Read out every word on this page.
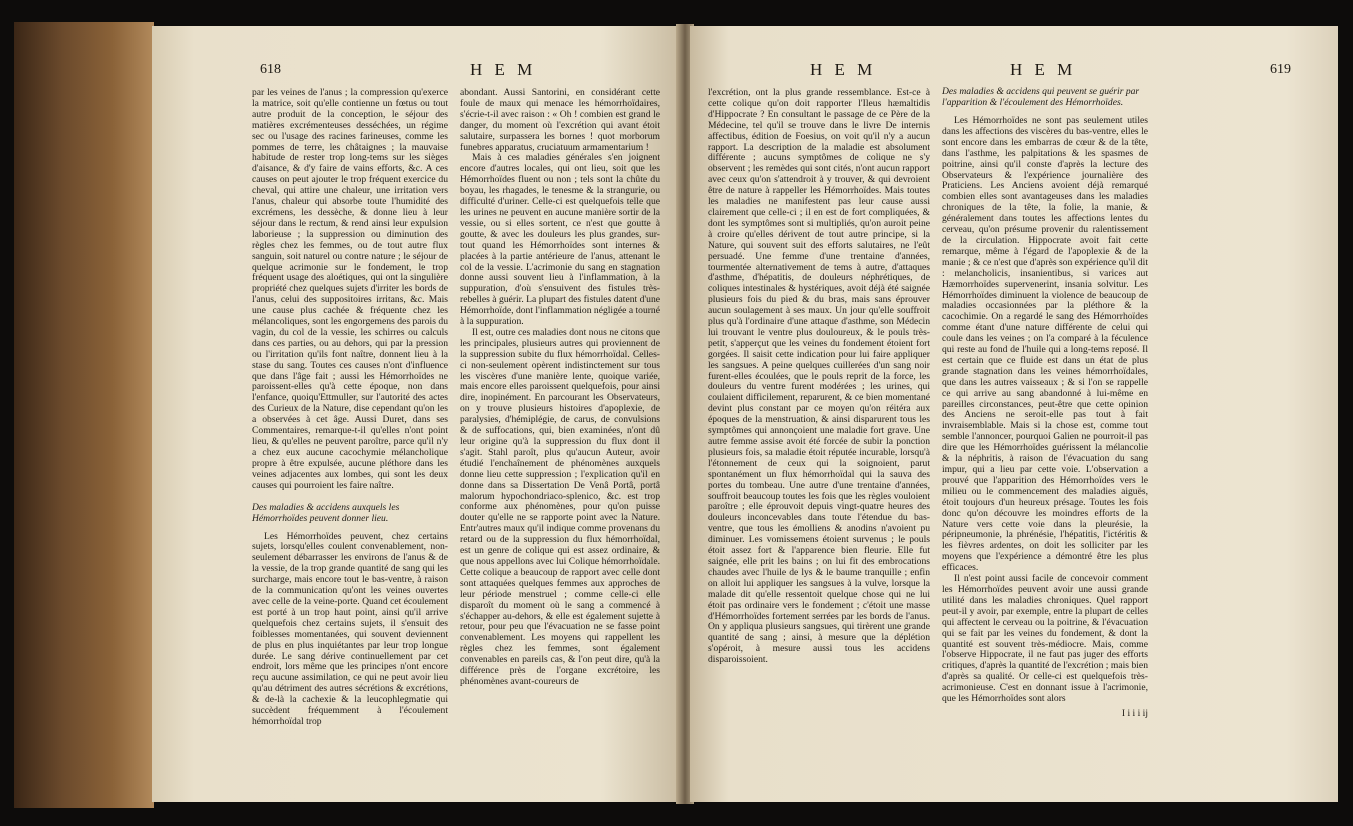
618	H E M

par les veines de l'anus ; la compression qu'exerce la matrice, soit qu'elle contienne un fœtus ou tout autre produit de la conception, le séjour des matières excrémenteuses desséchées, un régime sec ou l'usage des racines farineuses, comme les pommes de terre, les châtaignes ; la mauvaise habitude de rester trop long-tems sur les sièges d'aisance, & d'y faire de vains efforts, &c. A ces causes on peut ajouter le trop fréquent exercice du cheval, qui attire une chaleur, une irritation vers l'anus, chaleur qui absorbe toute l'humidité des excrémens, les dessèche, & donne lieu à leur séjour dans le rectum, & rend ainsi leur expulsion laborieuse ; la suppression ou diminution des règles chez les femmes, ou de tout autre flux sanguin, soit naturel ou contre nature ; le séjour de quelque acrimonie sur le fondement, le trop fréquent usage des aloétiques, qui ont la singulière propriété chez quelques sujets d'irriter les bords de l'anus, celui des suppositoires irritans, &c. Mais une cause plus cachée & fréquente chez les mélancoliques, sont les engorgemens des parois du vagin, du col de la vessie, les schirres ou calculs dans ces parties, ou au dehors, qui par la pression ou l'irritation qu'ils font naître, donnent lieu à la stase du sang. Toutes ces causes n'ont d'influence que dans l'âge fait ; aussi les Hémorrhoïdes ne paroissent-elles qu'à cette époque, non dans l'enfance, quoiqu'Ettmuller, sur l'autorité des actes des Curieux de la Nature, dise cependant qu'on les a observées à cet âge. Aussi Duret, dans ses Commentaires, remarque-t-il qu'elles n'ont point lieu, & qu'elles ne peuvent paroître, parce qu'il n'y a chez eux aucune cacochymie mélancholique propre à être expulsée, aucune pléthore dans les veines adjacentes aux lombes, qui sont les deux causes qui pourroient les faire naître.

Des maladies & accidens auxquels les Hémorrhoïdes peuvent donner lieu.

Les Hémorrhoïdes peuvent, chez certains sujets, lorsqu'elles coulent convenablement, non-seulement débarrasser les environs de l'anus & de la vessie, de la trop grande quantité de sang qui les surcharge, mais encore tout le bas-ventre, à raison de la communication qu'ont les veines ouvertes avec celle de la veine-porte. Quand cet écoulement est porté à un trop haut point, ainsi qu'il arrive quelquefois chez certains sujets, il s'ensuit des foiblesses momentanées, qui souvent deviennent de plus en plus inquiétantes par leur trop longue durée. Le sang dérive continuellement par cet endroit, lors même que les principes n'ont encore reçu aucune assimilation, ce qui ne peut avoir lieu qu'au détriment des autres sécrétions & excrétions, & de-là la cachexie & la leucophlegmatie qui succèdent fréquemment à l'écoulement hémorrhoïdal trop

abondant. Aussi Santorini, en considérant cette foule de maux qui menace les hémorrhoïdaires, s'écrie-t-il avec raison : « Oh ! combien est grand le danger, du moment où l'excrétion qui avant étoit salutaire, surpassera les bornes ! quot morborum funebres apparatus, cruciatuum armamentarium !

Mais à ces maladies générales s'en joignent encore d'autres locales, qui ont lieu, soit que les Hémorrhoïdes fluent ou non ; tels sont la chûte du boyau, les rhagades, le tenesme & la strangurie, ou difficulté d'uriner. Celle-ci est quelquefois telle que les urines ne peuvent en aucune manière sortir de la vessie, ou si elles sortent, ce n'est que goutte à goutte, & avec les douleurs les plus grandes, sur-tout quand les Hémorrhoïdes sont internes & placées à la partie antérieure de l'anus, attenant le col de la vessie. L'acrimonie du sang en stagnation donne aussi souvent lieu à l'inflammation, à la suppuration, d'où s'ensuivent des fistules très-rebelles à guérir. La plupart des fistules datent d'une Hémorrhoïde, dont l'inflammation négligée a tourné à la suppuration.

Il est, outre ces maladies dont nous ne citons que les principales, plusieurs autres qui proviennent de la suppression subite du flux hémorrhoïdal. Celles-ci non-seulement opèrent indistinctement sur tous les viscères d'une manière lente, quoique variée, mais encore elles paroissent quelquefois, pour ainsi dire, inopinément. En parcourant les Observateurs, on y trouve plusieurs histoires d'apoplexie, de paralysies, d'hémiplégie, de carus, de convulsions & de suffocations, qui, bien examinées, n'ont dû leur origine qu'à la suppression du flux dont il s'agit. Stahl paroît, plus qu'aucun Auteur, avoir étudié l'enchaînement de phénomènes auxquels donne lieu cette suppression ; l'explication qu'il en donne dans sa Dissertation De Venâ Portâ, portâ malorum hypochondriaco-splenico, &c. est trop conforme aux phénomènes, pour qu'on puisse douter qu'elle ne se rapporte point avec la Nature. Entr'autres maux qu'il indique comme provenans du retard ou de la suppression du flux hémorrhoïdal, est un genre de colique qui est assez ordinaire, & que nous appellons avec lui Colique hémorrhoïdale. Cette colique a beaucoup de rapport avec celle dont sont attaquées quelques femmes aux approches de leur période menstruel ; comme celle-ci elle disparoît du moment où le sang a commencé à s'échapper au-dehors, & elle est également sujette à retour, pour peu que l'évacuation ne se fasse point convenablement. Les moyens qui rappellent les règles chez les femmes, sont également convenables en pareils cas, & l'on peut dire, qu'à la différence près de l'organe excrétoire, les phénomènes avant-coureurs de

H E M	H E M	619

l'excrétion, ont la plus grande ressemblance. Est-ce à cette colique qu'on doit rapporter l'Ileus hæmaltidis d'Hippocrate ? En consultant le passage de ce Père de la Médecine, tel qu'il se trouve dans le livre De internis affectibus, édition de Foesius, on voit qu'il n'y a aucun rapport. La description de la maladie est absolument différente ; aucuns symptômes de colique ne s'y observent ; les remèdes qui sont cités, n'ont aucun rapport avec ceux qu'on s'attendroit à y trouver, & qui devroient être de nature à rappeller les Hémorrhoïdes. Mais toutes les maladies ne manifestent pas leur cause aussi clairement que celle-ci ; il en est de fort compliquées, & dont les symptômes sont si multipliés, qu'on auroit peine à croire qu'elles dérivent de tout autre principe, si la Nature, qui souvent suit des efforts salutaires, ne l'eût persuadé. Une femme d'une trentaine d'années, tourmentée alternativement de tems à autre, d'attaques d'asthme, d'hépatitis, de douleurs néphrétiques, de coliques intestinales & hystériques, avoit déjà été saignée plusieurs fois du pied & du bras, mais sans éprouver aucun soulagement à ses maux. Un jour qu'elle souffroit plus qu'à l'ordinaire d'une attaque d'asthme, son Médecin lui trouvant le ventre plus douloureux, & le pouls très-petit, s'apperçut que les veines du fondement étoient fort gorgées. Il saisit cette indication pour lui faire appliquer les sangsues. A peine quelques cuillerées d'un sang noir furent-elles écoulées, que le pouls reprit de la force, les douleurs du ventre furent modérées ; les urines, qui coulaient difficilement, reparurent, & ce bien momentané devint plus constant par ce moyen qu'on réitéra aux époques de la menstruation, & ainsi disparurent tous les symptômes qui annonçoient une maladie fort grave. Une autre femme assise avoit été forcée de subir la ponction plusieurs fois, sa maladie étoit réputée incurable, lorsqu'à l'étonnement de ceux qui la soignoient, parut spontanément un flux hémorrhoïdal qui la sauva des portes du tombeau. Une autre d'une trentaine d'années, souffroit beaucoup toutes les fois que les règles vouloient paroître ; elle éprouvoit depuis vingt-quatre heures des douleurs inconcevables dans toute l'étendue du bas-ventre, que tous les émolliens & anodins n'avoient pu diminuer. Les vomissemens étoient survenus ; le pouls étoit assez fort & l'apparence bien fleurie. Elle fut saignée, elle prit les bains ; on lui fit des embrocations chaudes avec l'huile de lys & le baume tranquille ; enfin on alloit lui appliquer les sangsues à la vulve, lorsque la malade dit qu'elle ressentoit quelque chose qui ne lui étoit pas ordinaire vers le fondement ; c'étoit une masse d'Hémorrhoïdes fortement serrées par les bords de l'anus. On y appliqua plusieurs sangsues, qui tirèrent une grande quantité de sang ; ainsi, à mesure que la déplétion s'opéroit, à mesure aussi tous les accidens disparoissoient.

Des maladies & accidens qui peuvent se guérir par l'apparition & l'écoulement des Hémorrhoïdes.

Les Hémorrhoïdes ne sont pas seulement utiles dans les affections des viscères du bas-ventre, elles le sont encore dans les embarras de cœur & de la tête, dans l'asthme, les palpitations & les spasmes de poitrine, ainsi qu'il conste d'après la lecture des Observateurs & l'expérience journalière des Praticiens. Les Anciens avoient déjà remarqué combien elles sont avantageuses dans les maladies chroniques de la tête, la folie, la manie, & généralement dans toutes les affections lentes du cerveau, qu'on présume provenir du ralentissement de la circulation. Hippocrate avoit fait cette remarque, même à l'égard de l'apoplexie & de la manie ; & ce n'est que d'après son expérience qu'il dit : melancholicis, insanientibus, si varices aut Hæmorrhoïdes supervenerint, insania solvitur. Les Hémorrhoïdes diminuent la violence de beaucoup de maladies occasionnées par la pléthore & la cacochimie. On a regardé le sang des Hémorrhoïdes comme étant d'une nature différente de celui qui coule dans les veines ; on l'a comparé à la féculence qui reste au fond de l'huile qui a long-tems reposé. Il est certain que ce fluide est dans un état de plus grande stagnation dans les veines hémorrhoïdales, que dans les autres vaisseaux ; & si l'on se rappelle ce qui arrive au sang abandonné à lui-même en pareilles circonstances, peut-être que cette opinion des Anciens ne seroit-elle pas tout à fait invraisemblable. Mais si la chose est, comme tout semble l'annoncer, pourquoi Galien ne pourroit-il pas dire que les Hémorrhoïdes guérissent la mélancolie & la néphritis, à raison de l'évacuation du sang impur, qui a lieu par cette voie. L'observation a prouvé que l'apparition des Hémorrhoïdes vers le milieu ou le commencement des maladies aiguës, étoit toujours d'un heureux présage. Toutes les fois donc qu'on découvre les moindres efforts de la Nature vers cette voie dans la pleurésie, la péripneumonie, la phrénésie, l'hépatitis, l'ictéritis & les fièvres ardentes, on doit les solliciter par les moyens que l'expérience a démontré être les plus efficaces.

Il n'est point aussi facile de concevoir comment les Hémorrhoïdes peuvent avoir une aussi grande utilité dans les maladies chroniques. Quel rapport peut-il y avoir, par exemple, entre la plupart de celles qui affectent le cerveau ou la poitrine, & l'évacuation qui se fait par les veines du fondement, & dont la quantité est souvent très-médiocre. Mais, comme l'observe Hippocrate, il ne faut pas juger des efforts critiques, d'après la quantité de l'excrétion ; mais bien d'après sa qualité. Or celle-ci est quelquefois très-acrimonieuse. C'est en donnant issue à l'acrimonie, que les Hémorrhoïdes sont alors

I i i i ij
